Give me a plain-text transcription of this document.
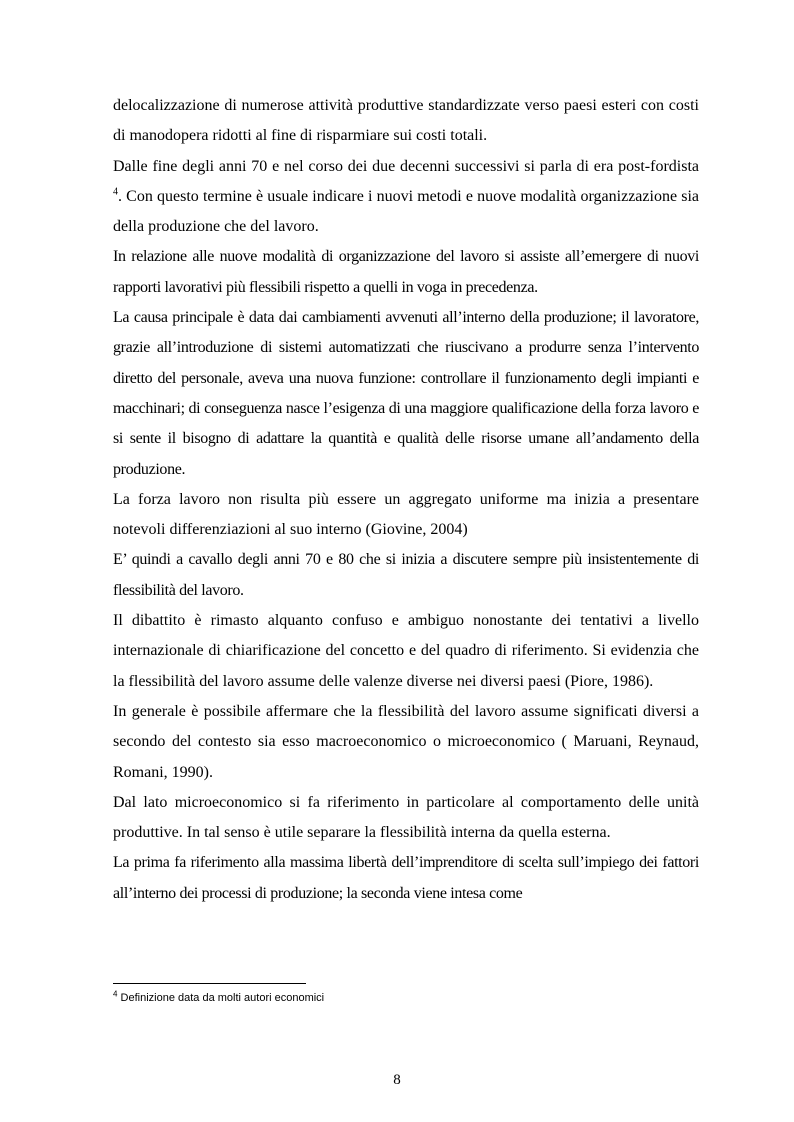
delocalizzazione di numerose attività produttive standardizzate verso paesi esteri con costi di manodopera ridotti al fine di risparmiare sui costi totali.

Dalle fine degli anni 70 e nel corso dei due decenni successivi si parla di era post-fordista $^4$. Con questo termine è usuale indicare i nuovi metodi e nuove modalità organizzazione sia della produzione che del lavoro.

In relazione alle nuove modalità di organizzazione del lavoro si assiste all’emergere di nuovi rapporti lavorativi più flessibili rispetto a quelli in voga in precedenza.

La causa principale è data dai cambiamenti avvenuti all’interno della produzione; il lavoratore, grazie all’introduzione di sistemi automatizzati che riuscivano a produrre senza l’intervento diretto del personale, aveva una nuova funzione: controllare il funzionamento degli impianti e macchinari; di conseguenza nasce l’esigenza di una maggiore qualificazione della forza lavoro e si sente il bisogno di adattare la quantità e qualità delle risorse umane all’andamento della produzione.

La forza lavoro non risulta più essere un aggregato uniforme ma inizia a presentare notevoli differenziazioni al suo interno (Giovine, 2004)

E’ quindi a cavallo degli anni 70 e 80 che si inizia a discutere sempre più insistentemente di flessibilità del lavoro.

Il dibattito è rimasto alquanto confuso e ambiguo nonostante dei tentativi a livello internazionale di chiarificazione del concetto e del quadro di riferimento. Si evidenzia che la flessibilità del lavoro assume delle valenze diverse nei diversi paesi (Piore, 1986).

In generale è possibile affermare che la flessibilità del lavoro assume significati diversi a secondo del contesto sia esso macroeconomico o microeconomico ( Maruani, Reynaud, Romani, 1990).

Dal lato microeconomico si fa riferimento in particolare al comportamento delle unità produttive. In tal senso è utile separare la flessibilità interna da quella esterna.

La prima fa riferimento alla massima libertà dell’imprenditore di scelta sull’impiego dei fattori all’interno dei processi di produzione; la seconda viene intesa come

$^4$ Definizione data da molti autori economici
8
